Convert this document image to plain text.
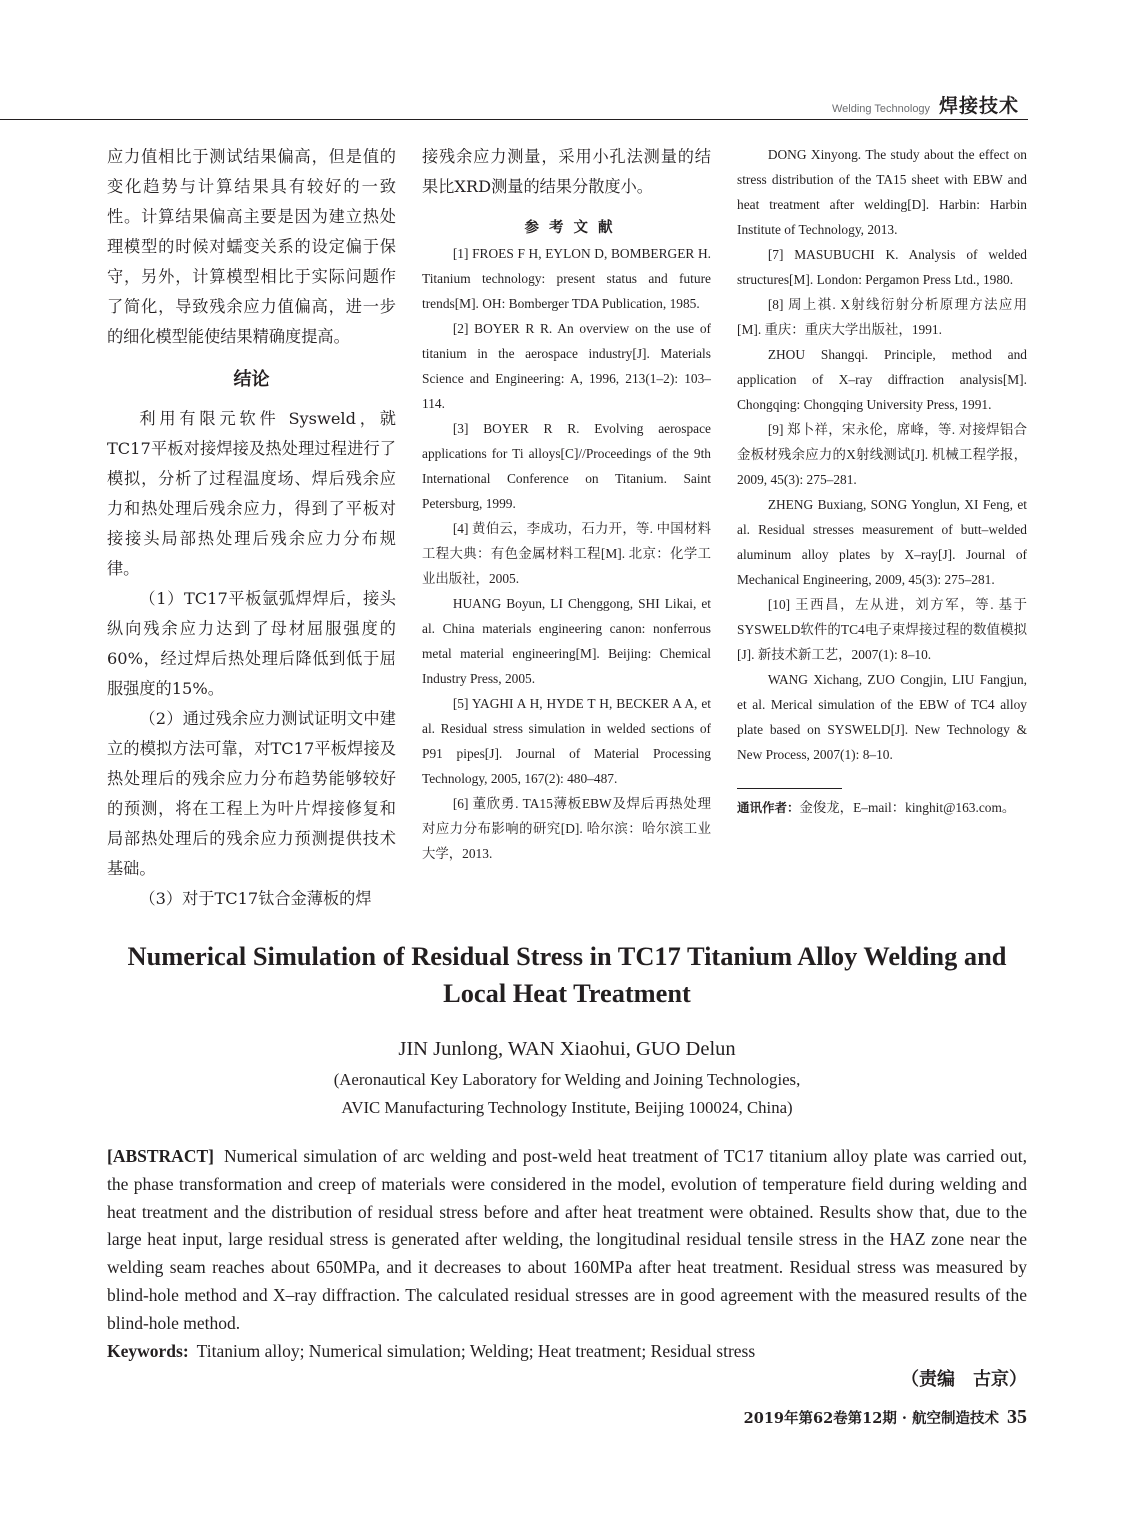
Welding Technology 焊接技术

应力值相比于测试结果偏高，但是值的变化趋势与计算结果具有较好的一致性。计算结果偏高主要是因为建立热处理模型的时候对蠕变关系的设定偏于保守，另外，计算模型相比于实际问题作了简化，导致残余应力值偏高，进一步的细化模型能使结果精确度提高。

结论

利用有限元软件 Sysweld，就TC17平板对接焊接及热处理过程进行了模拟，分析了过程温度场、焊后残余应力和热处理后残余应力，得到了平板对接接头局部热处理后残余应力分布规律。

（1）TC17平板氩弧焊焊后，接头纵向残余应力达到了母材屈服强度的60%，经过焊后热处理后降低到低于屈服强度的15%。

（2）通过残余应力测试证明文中建立的模拟方法可靠，对TC17平板焊接及热处理后的残余应力分布趋势能够较好的预测，将在工程上为叶片焊接修复和局部热处理后的残余应力预测提供技术基础。

（3）对于TC17钛合金薄板的焊

接残余应力测量，采用小孔法测量的结果比XRD测量的结果分散度小。

参考文献

[1] FROES F H, EYLON D, BOMBERGER H. Titanium technology: present status and future trends[M]. OH: Bomberger TDA Publication, 1985.

[2] BOYER R R. An overview on the use of titanium in the aerospace industry[J]. Materials Science and Engineering: A, 1996, 213(1–2): 103–114.

[3] BOYER R R. Evolving aerospace applications for Ti alloys[C]//Proceedings of the 9th International Conference on Titanium. Saint Petersburg, 1999.

[4] 黄伯云，李成功，石力开，等. 中国材料工程大典：有色金属材料工程[M]. 北京：化学工业出版社，2005.

HUANG Boyun, LI Chenggong, SHI Likai, et al. China materials engineering canon: nonferrous metal material engineering[M]. Beijing: Chemical Industry Press, 2005.

[5] YAGHI A H, HYDE T H, BECKER A A, et al. Residual stress simulation in welded sections of P91 pipes[J]. Journal of Material Processing Technology, 2005, 167(2): 480–487.

[6] 董欣勇. TA15薄板EBW及焊后再热处理对应力分布影响的研究[D]. 哈尔滨：哈尔滨工业大学，2013.

DONG Xinyong. The study about the effect on stress distribution of the TA15 sheet with EBW and heat treatment after welding[D]. Harbin: Harbin Institute of Technology, 2013.

[7] MASUBUCHI K. Analysis of welded structures[M]. London: Pergamon Press Ltd., 1980.

[8] 周上祺. X射线衍射分析原理方法应用[M]. 重庆：重庆大学出版社，1991.

ZHOU Shangqi. Principle, method and application of X–ray diffraction analysis[M]. Chongqing: Chongqing University Press, 1991.

[9] 郑卜祥，宋永伦，席峰，等. 对接焊铝合金板材残余应力的X射线测试[J]. 机械工程学报，2009, 45(3): 275–281.

ZHENG Buxiang, SONG Yonglun, XI Feng, et al. Residual stresses measurement of butt–welded aluminum alloy plates by X–ray[J]. Journal of Mechanical Engineering, 2009, 45(3): 275–281.

[10] 王西昌，左从进，刘方军，等. 基于SYSWELD软件的TC4电子束焊接过程的数值模拟[J]. 新技术新工艺，2007(1): 8–10.

WANG Xichang, ZUO Congjin, LIU Fangjun, et al. Merical simulation of the EBW of TC4 alloy plate based on SYSWELD[J]. New Technology & New Process, 2007(1): 8–10.

通讯作者：金俊龙，E–mail：kinghit@163.com。
Numerical Simulation of Residual Stress in TC17 Titanium Alloy Welding and Local Heat Treatment
JIN Junlong, WAN Xiaohui, GUO Delun
(Aeronautical Key Laboratory for Welding and Joining Technologies,
AVIC Manufacturing Technology Institute, Beijing 100024, China)

[ABSTRACT] Numerical simulation of arc welding and post-weld heat treatment of TC17 titanium alloy plate was carried out, the phase transformation and creep of materials were considered in the model, evolution of temperature field during welding and heat treatment and the distribution of residual stress before and after heat treatment were obtained. Results show that, due to the large heat input, large residual stress is generated after welding, the longitudinal residual tensile stress in the HAZ zone near the welding seam reaches about 650MPa, and it decreases to about 160MPa after heat treatment. Residual stress was measured by blind-hole method and X–ray diffraction. The calculated residual stresses are in good agreement with the measured results of the blind-hole method.

Keywords: Titanium alloy; Numerical simulation; Welding; Heat treatment; Residual stress
（责编　古京）
2019年第62卷第12期 · 航空制造技术 35
